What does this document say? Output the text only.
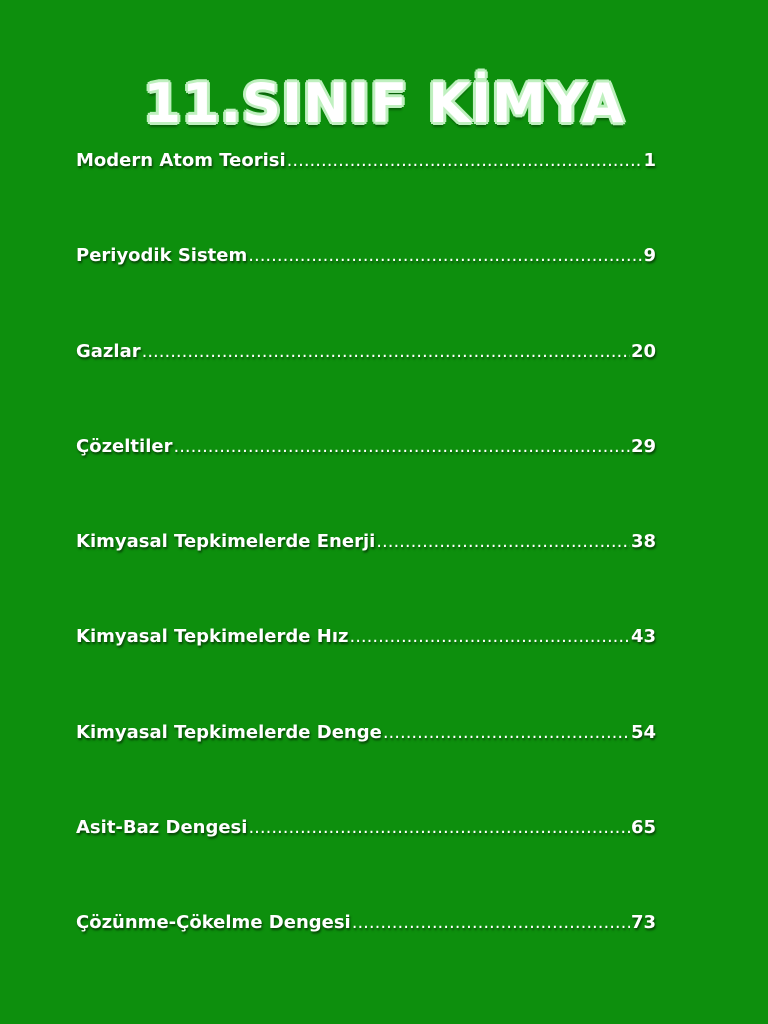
11.SINIF KİMYA
Modern Atom Teorisi .....	1
Periyodik Sistem .....	9
Gazlar .....	20
Çözeltiler .....	29
Kimyasal Tepkimelerde Enerji .....	38
Kimyasal Tepkimelerde Hız .....	43
Kimyasal Tepkimelerde Denge .....	54
Asit-Baz Dengesi .....	65
Çözünme-Çökelme Dengesi .....	73
